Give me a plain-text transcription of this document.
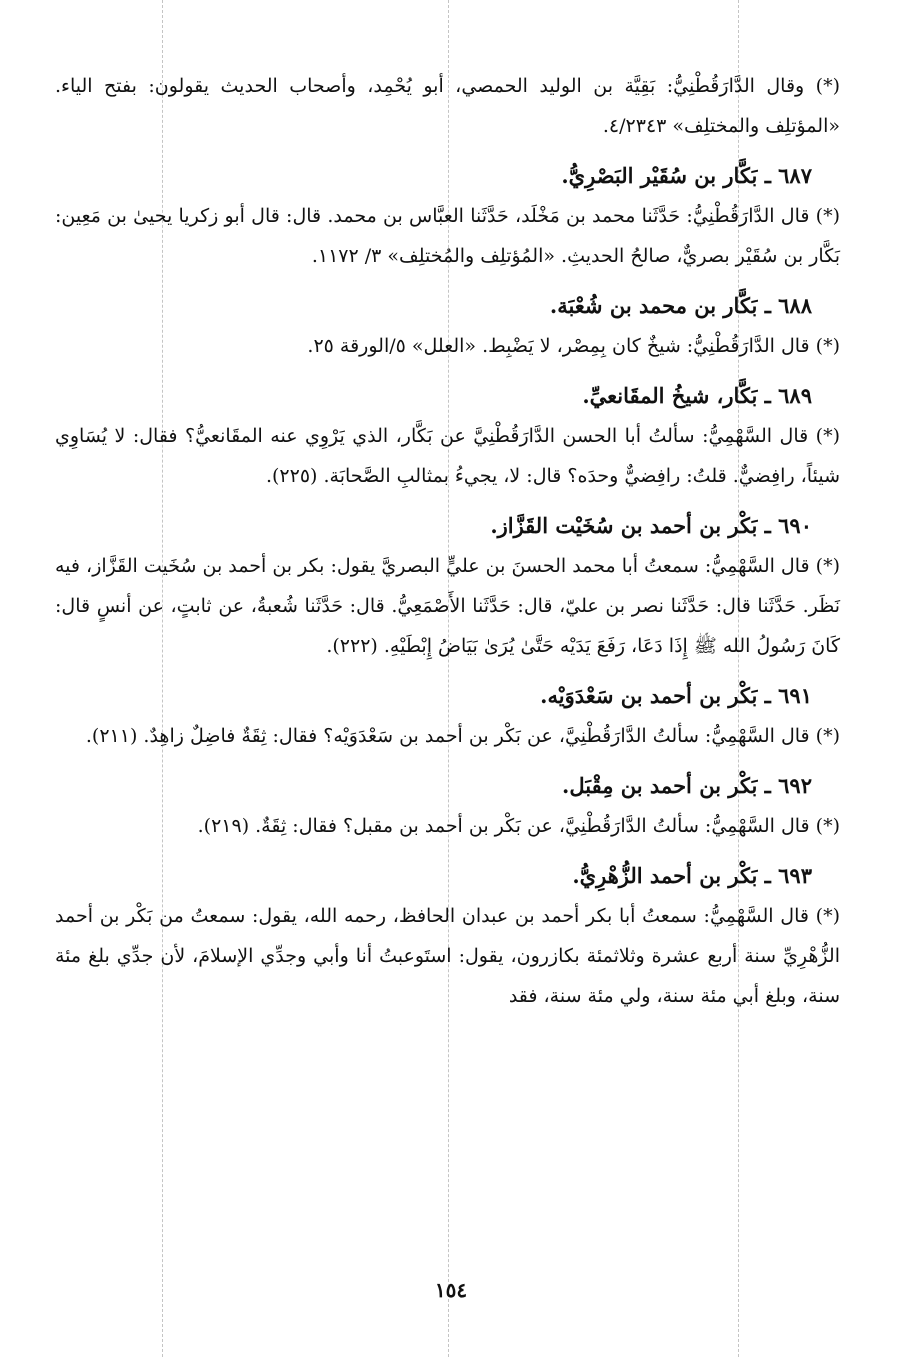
(*) وقال الدَّارَقُطْنِيُّ: بَقِيَّة بن الوليد الحمصي، أبو يُحْمِد، وأصحاب الحديث يقولون: بفتح الياء. «المؤتلِف والمختلِف» ٤/٢٣٤٣.

٦٨٧ ـ بَكَّار بن سُقَيْر البَصْرِيُّ.

(*) قال الدَّارَقُطْنِيُّ: حَدَّثَنا محمد بن مَخْلَد، حَدَّثَنا العبَّاس بن محمد. قال: قال أبو زكريا يحيىٰ بن مَعِين: بَكَّار بن سُقَيْر بصريٌّ، صالحُ الحديثِ. «المُؤتلِف والمُختلِف» ٣/ ١١٧٢.

٦٨٨ ـ بَكَّار بن محمد بن شُعْبَة.

(*) قال الدَّارَقُطْنِيُّ: شيخٌ كان بِمِصْر، لا يَضْبِط. «العلل» ٥/الورقة ٢٥.

٦٨٩ ـ بَكَّار، شيخُ المقَانعيِّ.

(*) قال السَّهْمِيُّ: سألتُ أبا الحسن الدَّارَقُطْنِيَّ عن بَكَّار، الذي يَرْوِي عنه المقَانعيُّ؟ فقال: لا يُسَاوِي شيئاً، رافِضيٌّ. قلتُ: رافِضيٌّ وحدَه؟ قال: لا، يجيءُ بمثالبِ الصَّحابَة. (٢٢٥).

٦٩٠ ـ بَكْر بن أحمد بن سُخَيْت القَزَّاز.

(*) قال السَّهْمِيُّ: سمعتُ أبا محمد الحسنَ بن عليٍّ البصريَّ يقول: بكر بن أحمد بن سُخَيت القَزَّاز، فيه نَظَر. حَدَّثَنا قال: حَدَّثَنا نصر بن عليّ، قال: حَدَّثَنا الأَصْمَعِيُّ. قال: حَدَّثَنا شُعبةُ، عن ثابتٍ، عن أنسٍ قال: كَانَ رَسُولُ الله ﷺ إِذَا دَعَا، رَفَعَ يَدَيْه حَتَّىٰ يُرَىٰ بَيَاضُ إِبْطَيْهِ. (٢٢٢).

٦٩١ ـ بَكْر بن أحمد بن سَعْدَوَيْه.

(*) قال السَّهْمِيُّ: سألتُ الدَّارَقُطْنِيَّ، عن بَكْر بن أحمد بن سَعْدَوَيْه؟ فقال: ثِقَةٌ فاضِلٌ زاهِدٌ. (٢١١).

٦٩٢ ـ بَكْر بن أحمد بن مِقْبَل.

(*) قال السَّهْمِيُّ: سألتُ الدَّارَقُطْنِيَّ، عن بَكْر بن أحمد بن مقبل؟ فقال: ثِقَةٌ. (٢١٩).

٦٩٣ ـ بَكْر بن أحمد الزُّهْرِيُّ.

(*) قال السَّهْمِيُّ: سمعتُ أبا بكر أحمد بن عبدان الحافظ، رحمه الله، يقول: سمعتُ من بَكْر بن أحمد الزُّهْرِيِّ سنة أربع عشرة وثلاثمئة بكازرون، يقول: استَوعبتُ أنا وأبي وجدِّي الإسلامَ، لأن جدِّي بلغ مئة سنة، وبلغ أبي مئة سنة، ولي مئة سنة، فقد

١٥٤
